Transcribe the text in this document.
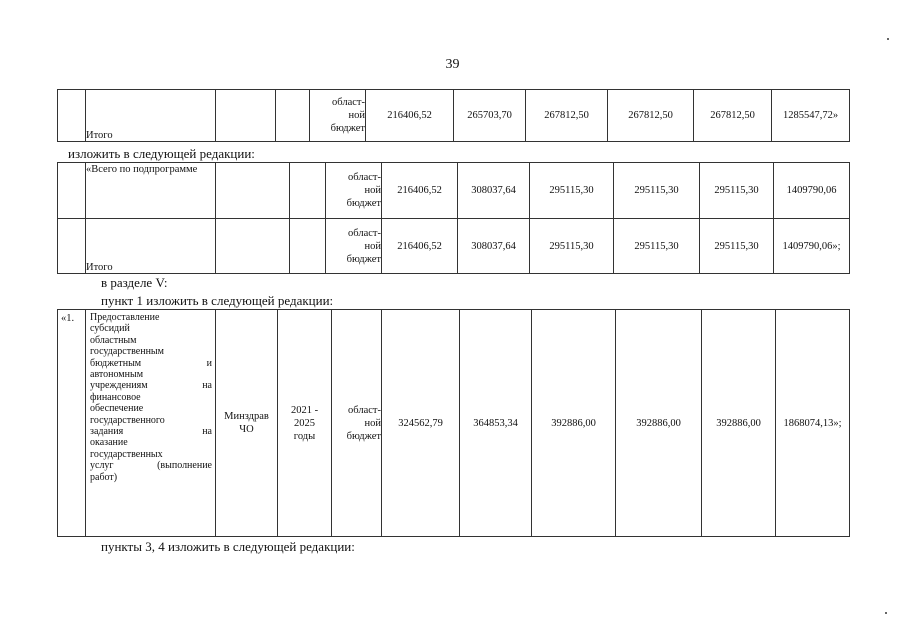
39
	Итого			област-
ной
бюджет	216406,52	265703,70	267812,50	267812,50	267812,50	1285547,72»
изложить в следующей редакции:
	«Всего по подпрограмме			област-
ной
бюджет	216406,52	308037,64	295115,30	295115,30	295115,30	1409790,06
	Итого			област-
ной
бюджет	216406,52	308037,64	295115,30	295115,30	295115,30	1409790,06»;
в разделе V:
пункт 1 изложить в следующей редакции:
«1.	Предоставление
субсидий
областным
государственным
бюджетным и
автономным
учреждениям на
финансовое
обеспечение
государственного
задания на
оказание
государственных
услуг (выполнение
работ)
	Минздрав
ЧО	2021 -
2025
годы	област-
ной
бюджет	324562,79	364853,34	392886,00	392886,00	392886,00	1868074,13»;
пункты 3, 4 изложить в следующей редакции:
